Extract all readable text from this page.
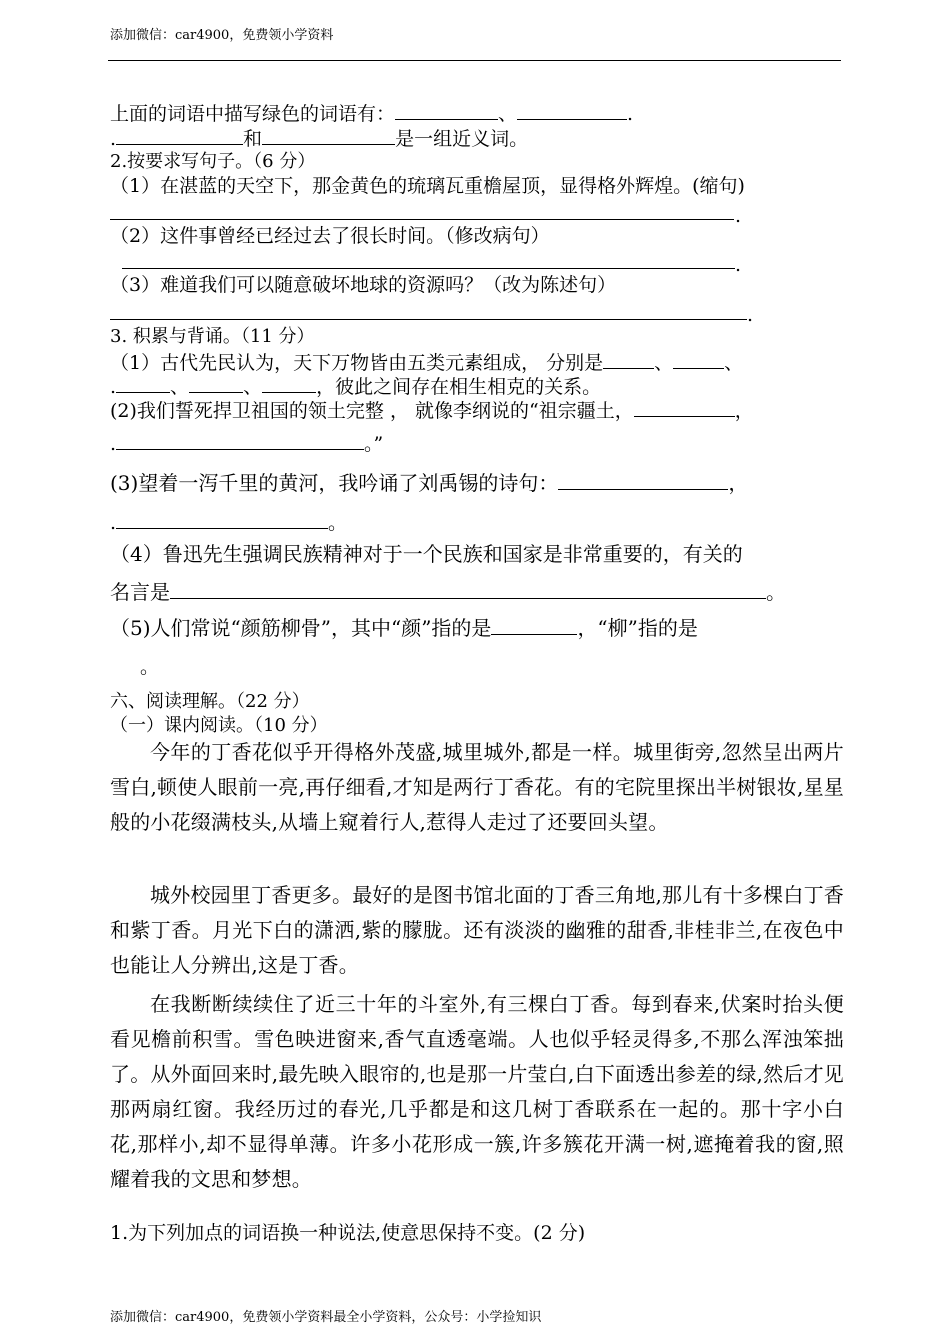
添加微信：car4900，免费领小学资料
上面的词语中描写绿色的词语有：	、	.
.	和	是一组近义词。
2.按要求写句子。（6 分）
（1）在湛蓝的天空下，那金黄色的琉璃瓦重檐屋顶，显得格外辉煌。(缩句)
.
（2）这件事曾经已经过去了很长时间。（修改病句）
.
（3）难道我们可以随意破坏地球的资源吗？（改为陈述句）
.
3. 积累与背诵。（11 分）
（1）古代先民认为，天下万物皆由五类元素组成， 分别是	、	、
.	、	、	，彼此之间存在相生相克的关系。
(2)我们誓死捍卫祖国的领土完整 ， 就像李纲说的“祖宗疆土，	，
.	。”
(3)望着一泻千里的黄河，我吟诵了刘禹锡的诗句：	，
.	。
（4）鲁迅先生强调民族精神对于一个民族和国家是非常重要的，有关的
名言是	。
（5)人们常说“颜筋柳骨”，其中“颜”指的是	，“柳”指的是
。
六、阅读理解。（22 分）
（一）课内阅读。（10 分）
今年的丁香花似乎开得格外茂盛,城里城外,都是一样。城里街旁,忽然呈出两片雪白,顿使人眼前一亮,再仔细看,才知是两行丁香花。有的宅院里探出半树银妆,星星般的小花缀满枝头,从墙上窥着行人,惹得人走过了还要回头望。
城外校园里丁香更多。最好的是图书馆北面的丁香三角地,那儿有十多棵白丁香和紫丁香。月光下白的潇洒,紫的朦胧。还有淡淡的幽雅的甜香,非桂非兰,在夜色中也能让人分辨出,这是丁香。
在我断断续续住了近三十年的斗室外,有三棵白丁香。每到春来,伏案时抬头便看见檐前积雪。雪色映进窗来,香气直透毫端。人也似乎轻灵得多,不那么浑浊笨拙了。从外面回来时,最先映入眼帘的,也是那一片莹白,白下面透出参差的绿,然后才见那两扇红窗。我经历过的春光,几乎都是和这几树丁香联系在一起的。那十字小白花,那样小,却不显得单薄。许多小花形成一簇,许多簇花开满一树,遮掩着我的窗,照耀着我的文思和梦想。
1.为下列加点的词语换一种说法,使意思保持不变。(2 分)
添加微信：car4900，免费领小学资料最全小学资料，公众号：小学捡知识
